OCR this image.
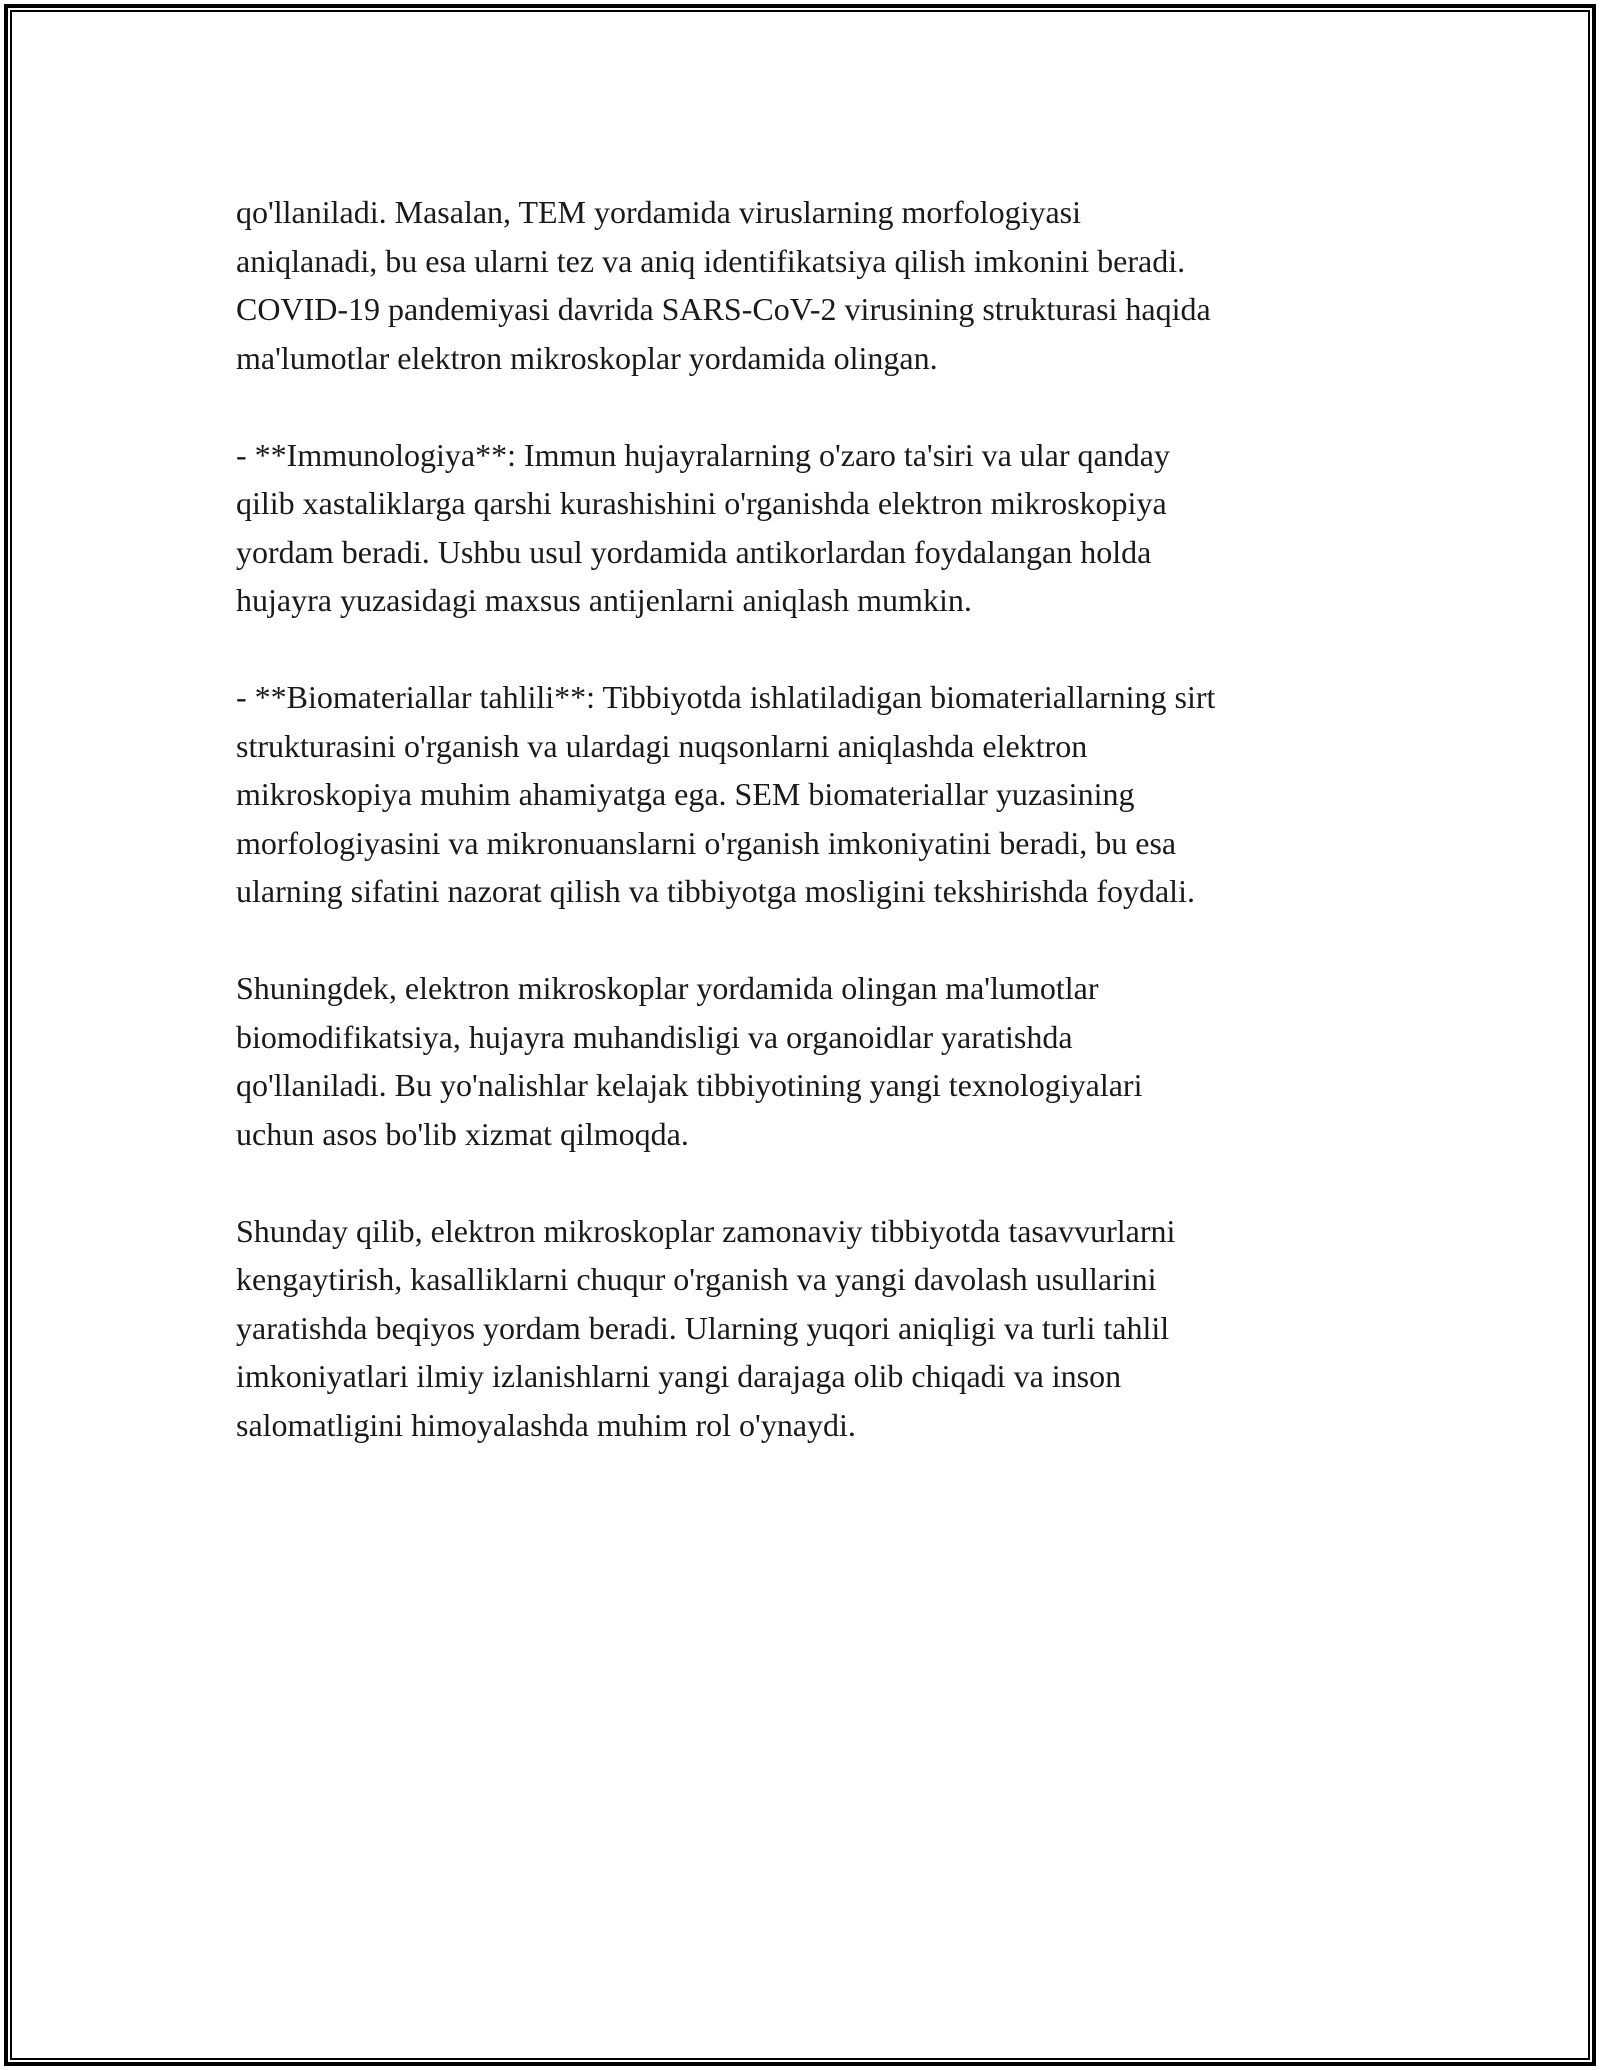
qo'llaniladi. Masalan, TEM yordamida viruslarning morfologiyasi
aniqlanadi, bu esa ularni tez va aniq identifikatsiya qilish imkonini beradi.
COVID-19 pandemiyasi davrida SARS-CoV-2 virusining strukturasi haqida
ma'lumotlar elektron mikroskoplar yordamida olingan.

- **Immunologiya**: Immun hujayralarning o'zaro ta'siri va ular qanday
qilib xastaliklarga qarshi kurashishini o'rganishda elektron mikroskopiya
yordam beradi. Ushbu usul yordamida antikorlardan foydalangan holda
hujayra yuzasidagi maxsus antijenlarni aniqlash mumkin.

- **Biomateriallar tahlili**: Tibbiyotda ishlatiladigan biomateriallarning sirt
strukturasini o'rganish va ulardagi nuqsonlarni aniqlashda elektron
mikroskopiya muhim ahamiyatga ega. SEM biomateriallar yuzasining
morfologiyasini va mikronuanslarni o'rganish imkoniyatini beradi, bu esa
ularning sifatini nazorat qilish va tibbiyotga mosligini tekshirishda foydali.

Shuningdek, elektron mikroskoplar yordamida olingan ma'lumotlar
biomodifikatsiya, hujayra muhandisligi va organoidlar yaratishda
qo'llaniladi. Bu yo'nalishlar kelajak tibbiyotining yangi texnologiyalari
uchun asos bo'lib xizmat qilmoqda.

Shunday qilib, elektron mikroskoplar zamonaviy tibbiyotda tasavvurlarni
kengaytirish, kasalliklarni chuqur o'rganish va yangi davolash usullarini
yaratishda beqiyos yordam beradi. Ularning yuqori aniqligi va turli tahlil
imkoniyatlari ilmiy izlanishlarni yangi darajaga olib chiqadi va inson
salomatligini himoyalashda muhim rol o'ynaydi.
